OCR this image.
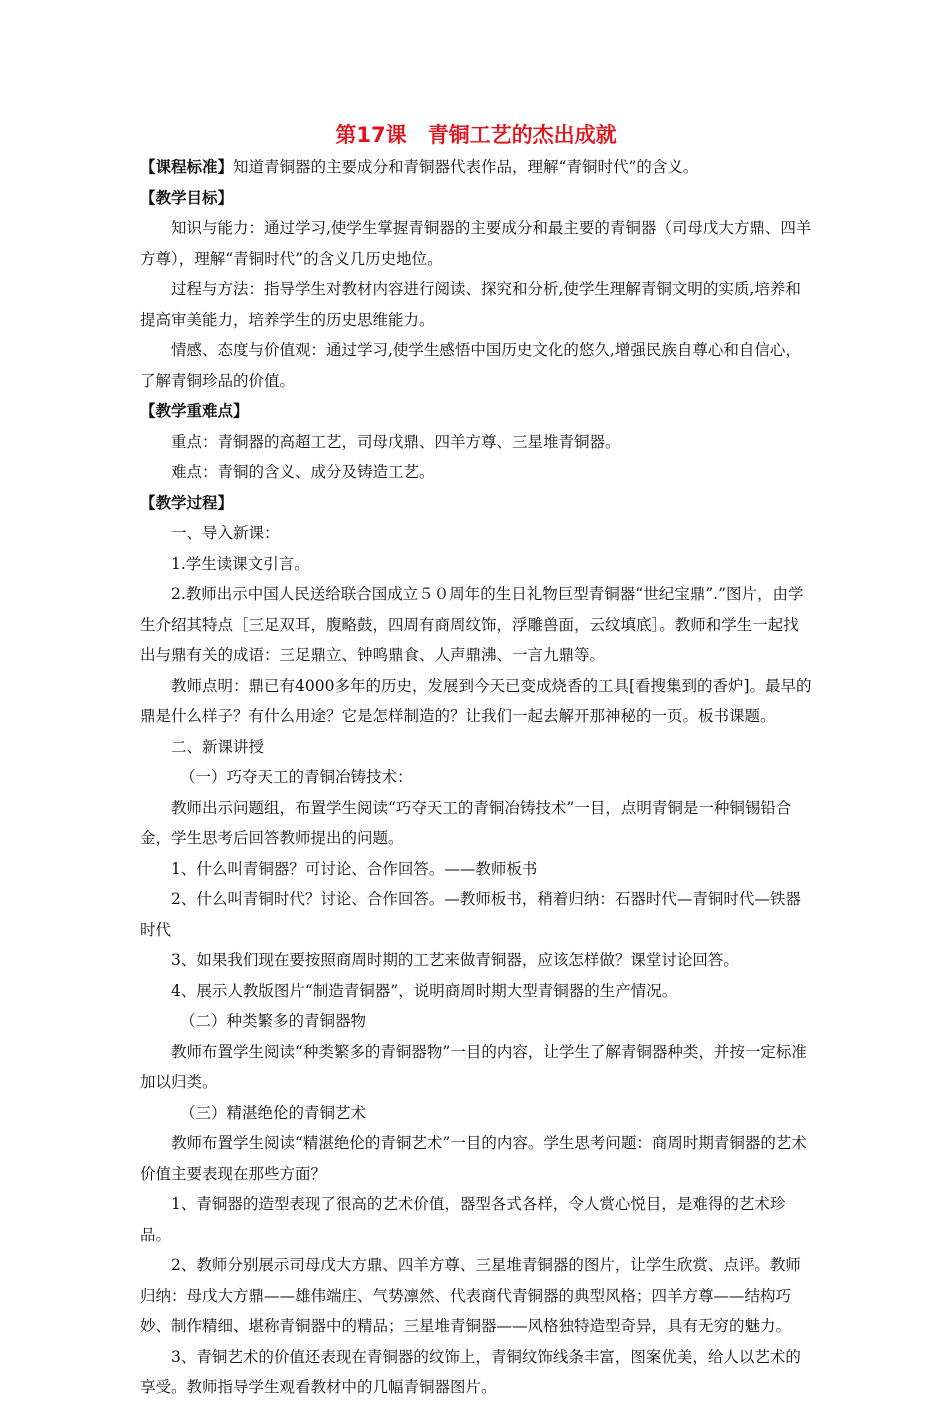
第17课　青铜工艺的杰出成就

【课程标准】知道青铜器的主要成分和青铜器代表作品，理解“青铜时代”的含义。

【教学目标】

知识与能力：通过学习,使学生掌握青铜器的主要成分和最主要的青铜器（司母戊大方鼎、四羊方尊），理解“青铜时代”的含义几历史地位。

过程与方法：指导学生对教材内容进行阅读、探究和分析,使学生理解青铜文明的实质,培养和提高审美能力，培养学生的历史思维能力。

情感、态度与价值观：通过学习,使学生感悟中国历史文化的悠久,增强民族自尊心和自信心，了解青铜珍品的价值。

【教学重难点】

重点：青铜器的高超工艺，司母戊鼎、四羊方尊、三星堆青铜器。

难点：青铜的含义、成分及铸造工艺。

【教学过程】

一、导入新课：

1.学生读课文引言。

2.教师出示中国人民送给联合国成立５０周年的生日礼物巨型青铜器“世纪宝鼎”.”图片，由学生介绍其特点［三足双耳，腹略鼓，四周有商周纹饰，浮雕兽面，云纹填底］。教师和学生一起找出与鼎有关的成语：三足鼎立、钟鸣鼎食、人声鼎沸、一言九鼎等。

教师点明：鼎已有4000多年的历史，发展到今天已变成烧香的工具[看搜集到的香炉]。最早的鼎是什么样子？有什么用途？它是怎样制造的？让我们一起去解开那神秘的一页。板书课题。

二、新课讲授

（一）巧夺天工的青铜冶铸技术：

教师出示问题组，布置学生阅读“巧夺天工的青铜冶铸技术”一目，点明青铜是一种铜锡铅合金，学生思考后回答教师提出的问题。

1、什么叫青铜器？可讨论、合作回答。——教师板书

2、什么叫青铜时代？讨论、合作回答。—教师板书，稍着归纳：石器时代—青铜时代—铁器时代

3、如果我们现在要按照商周时期的工艺来做青铜器，应该怎样做？课堂讨论回答。

4、展示人教版图片“制造青铜器”，说明商周时期大型青铜器的生产情况。

（二）种类繁多的青铜器物

教师布置学生阅读“种类繁多的青铜器物”一目的内容，让学生了解青铜器种类，并按一定标准加以归类。

（三）精湛绝伦的青铜艺术

教师布置学生阅读“精湛绝伦的青铜艺术”一目的内容。学生思考问题：商周时期青铜器的艺术价值主要表现在那些方面？

1、青铜器的造型表现了很高的艺术价值，器型各式各样，令人赏心悦目，是难得的艺术珍品。

2、教师分别展示司母戊大方鼎、四羊方尊、三星堆青铜器的图片，让学生欣赏、点评。教师归纳：母戊大方鼎——雄伟端庄、气势凛然、代表商代青铜器的典型风格；四羊方尊——结构巧妙、制作精细、堪称青铜器中的精品；三星堆青铜器——风格独特造型奇异，具有无穷的魅力。

3、青铜艺术的价值还表现在青铜器的纹饰上，青铜纹饰线条丰富，图案优美，给人以艺术的享受。教师指导学生观看教材中的几幅青铜器图片。
